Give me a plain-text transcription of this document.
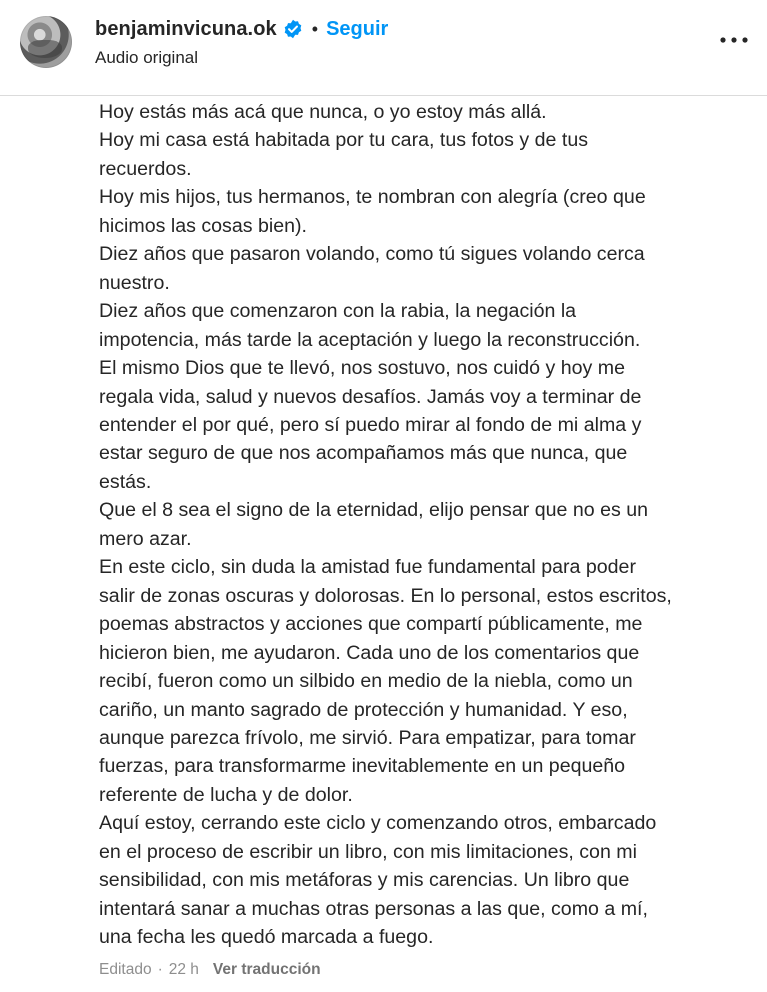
benjaminvicuna.ok • Seguir
Audio original
Hoy estás más acá que nunca, o yo estoy más allá.
Hoy mi casa está habitada por tu cara, tus fotos y de tus
recuerdos.
Hoy mis hijos, tus hermanos, te nombran con alegría (creo que
hicimos las cosas bien).
Diez años que pasaron volando, como tú sigues volando cerca
nuestro.
Diez años que comenzaron con la rabia, la negación la
impotencia, más tarde la aceptación y luego la reconstrucción.
El mismo Dios que te llevó, nos sostuvo, nos cuidó y hoy me
regala vida, salud y nuevos desafíos. Jamás voy a terminar de
entender el por qué, pero sí puedo mirar al fondo de mi alma y
estar seguro de que nos acompañamos más que nunca, que
estás.
Que el 8 sea el signo de la eternidad, elijo pensar que no es un
mero azar.
En este ciclo, sin duda la amistad fue fundamental para poder
salir de zonas oscuras y dolorosas. En lo personal, estos escritos,
poemas abstractos y acciones que compartí públicamente, me
hicieron bien, me ayudaron. Cada uno de los comentarios que
recibí, fueron como un silbido en medio de la niebla, como un
cariño, un manto sagrado de protección y humanidad. Y eso,
aunque parezca frívolo, me sirvió. Para empatizar, para tomar
fuerzas, para transformarme inevitablemente en un pequeño
referente de lucha y de dolor.
Aquí estoy, cerrando este ciclo y comenzando otros, embarcado
en el proceso de escribir un libro, con mis limitaciones, con mi
sensibilidad, con mis metáforas y mis carencias. Un libro que
intentará sanar a muchas otras personas a las que, como a mí,
una fecha les quedó marcada a fuego.
Editado · 22 h Ver traducción
